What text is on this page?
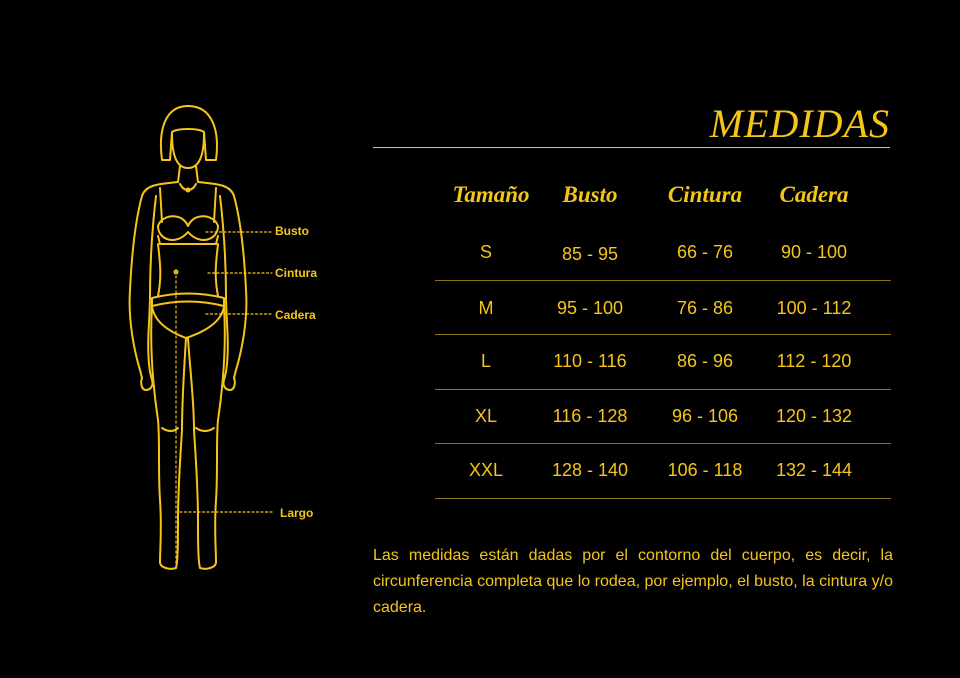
Busto
Cintura
Cadera
Largo
MEDIDAS
Tamaño	Busto	Cintura	Cadera
S	85 - 95	66 - 76	90 - 100
M	95 - 100	76 - 86	100 - 112
L	110 - 116	86 - 96	112 - 120
XL	116 - 128	96 - 106	120 - 132
XXL	128 - 140	106 - 118	132 - 144

Las medidas están dadas por el contorno del cuerpo, es decir, la circunferencia completa que lo rodea, por ejemplo, el busto, la cintura y/o cadera.
